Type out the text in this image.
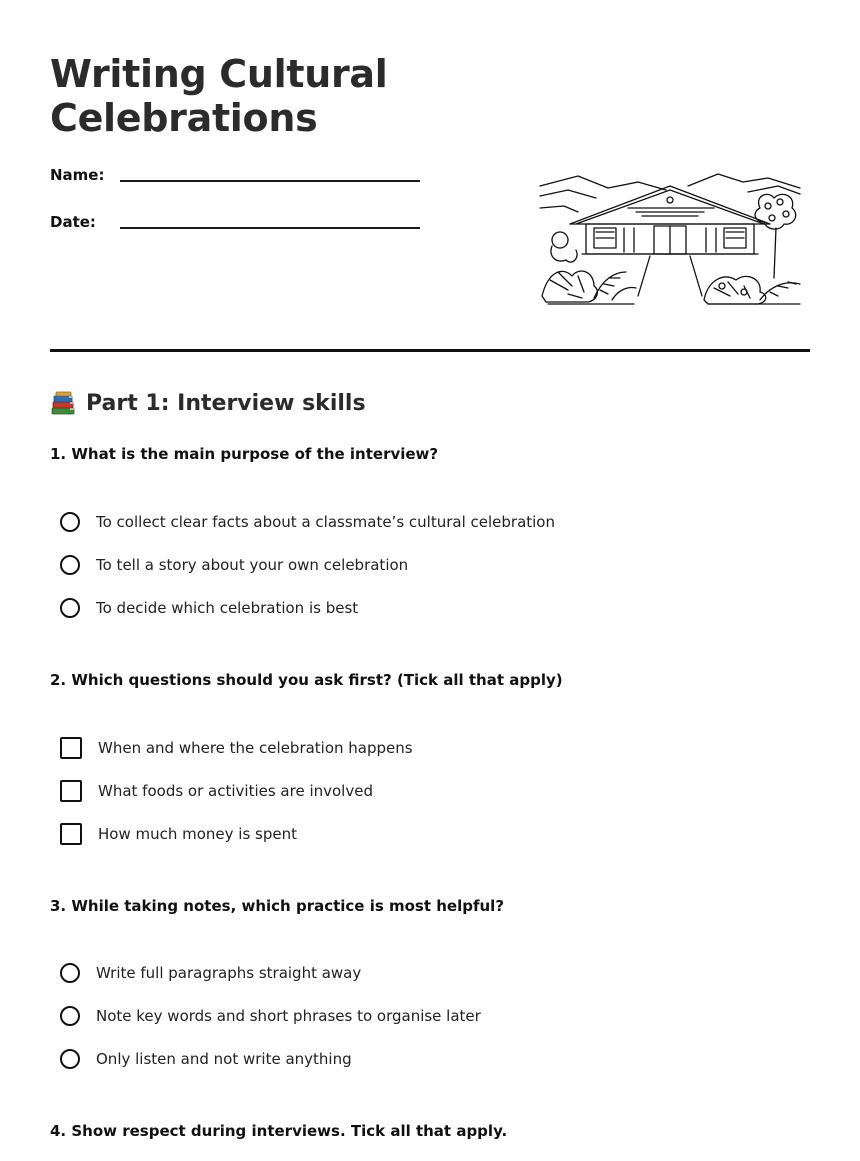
Writing Cultural Celebrations
Name:
Date:
Part 1: Interview skills
1. What is the main purpose of the interview?
To collect clear facts about a classmate’s cultural celebration
To tell a story about your own celebration
To decide which celebration is best
2. Which questions should you ask first? (Tick all that apply)
When and where the celebration happens
What foods or activities are involved
How much money is spent
3. While taking notes, which practice is most helpful?
Write full paragraphs straight away
Note key words and short phrases to organise later
Only listen and not write anything
4. Show respect during interviews. Tick all that apply.
